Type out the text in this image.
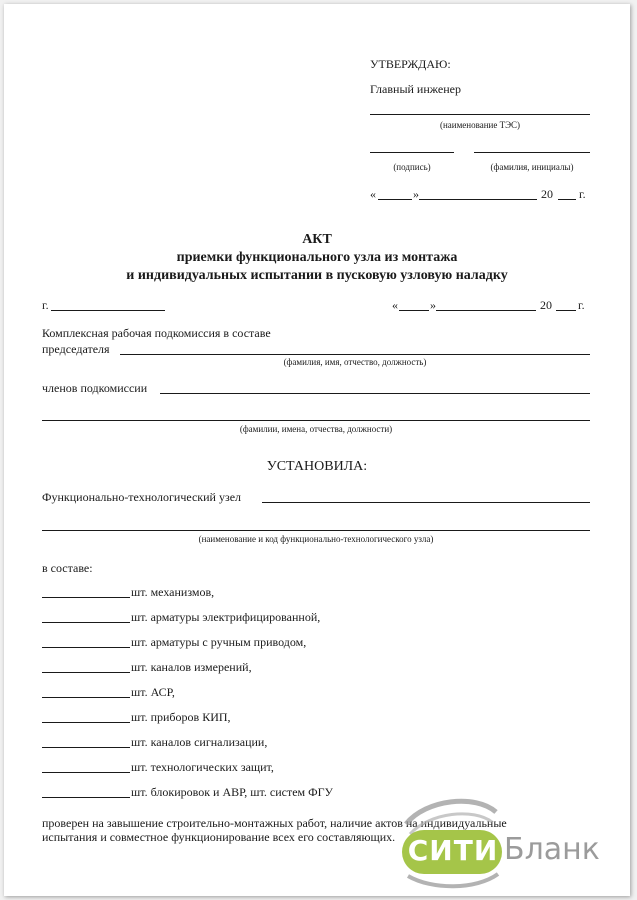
УТВЕРЖДАЮ:
Главный инженер
(наименование ТЭС)
(подпись)	(фамилия, инициалы)
«	»	20 г.
АКТ
приемки функционального узла из монтажа
и индивидуальных испытании в пусковую узловую наладку
г.	«	»	20 г.
Комплексная рабочая подкомиссия в составе
председателя
(фамилия, имя, отчество, должность)
членов подкомиссии
(фамилии, имена, отчества, должности)
УСТАНОВИЛА:
Функционально-технологический узел
(наименование и код функционально-технологического узла)
в составе:
шт. механизмов,
шт. арматуры электрифицированной,
шт. арматуры с ручным приводом,
шт. каналов измерений,
шт. АСР,
шт. приборов КИП,
шт. каналов сигнализации,
шт. технологических защит,
шт. блокировок и АВР, шт. систем ФГУ
проверен на завышение строительно-монтажных работ, наличие актов на индивидуальные
испытания и совместное функционирование всех его составляющих. СИТИ Бланк
